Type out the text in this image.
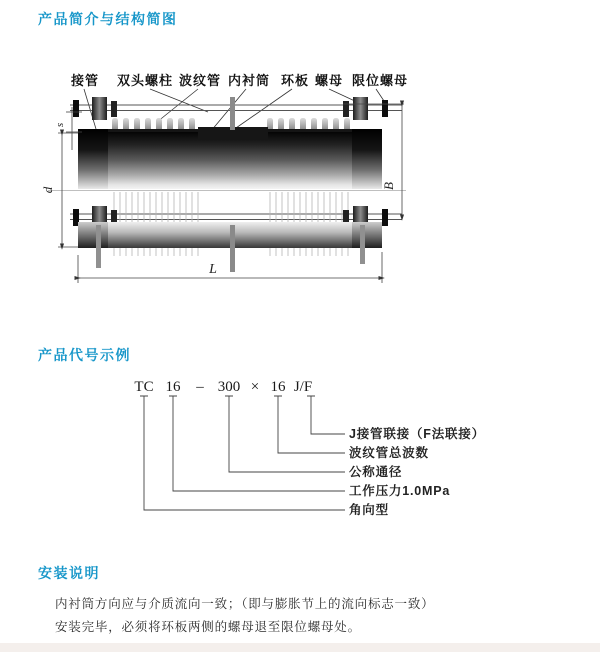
产品简介与结构简图
接管 双头螺柱 波纹管 内衬筒 环板 螺母 限位螺母
s
d
B
L
产品代号示例
TC 16 – 300 × 16 J/F
J接管联接（F法联接）
波纹管总波数
公称通径
工作压力1.0MPa
角向型
安装说明

内衬筒方向应与介质流向一致；（即与膨胀节上的流向标志一致）

安装完毕，必须将环板两侧的螺母退至限位螺母处。
